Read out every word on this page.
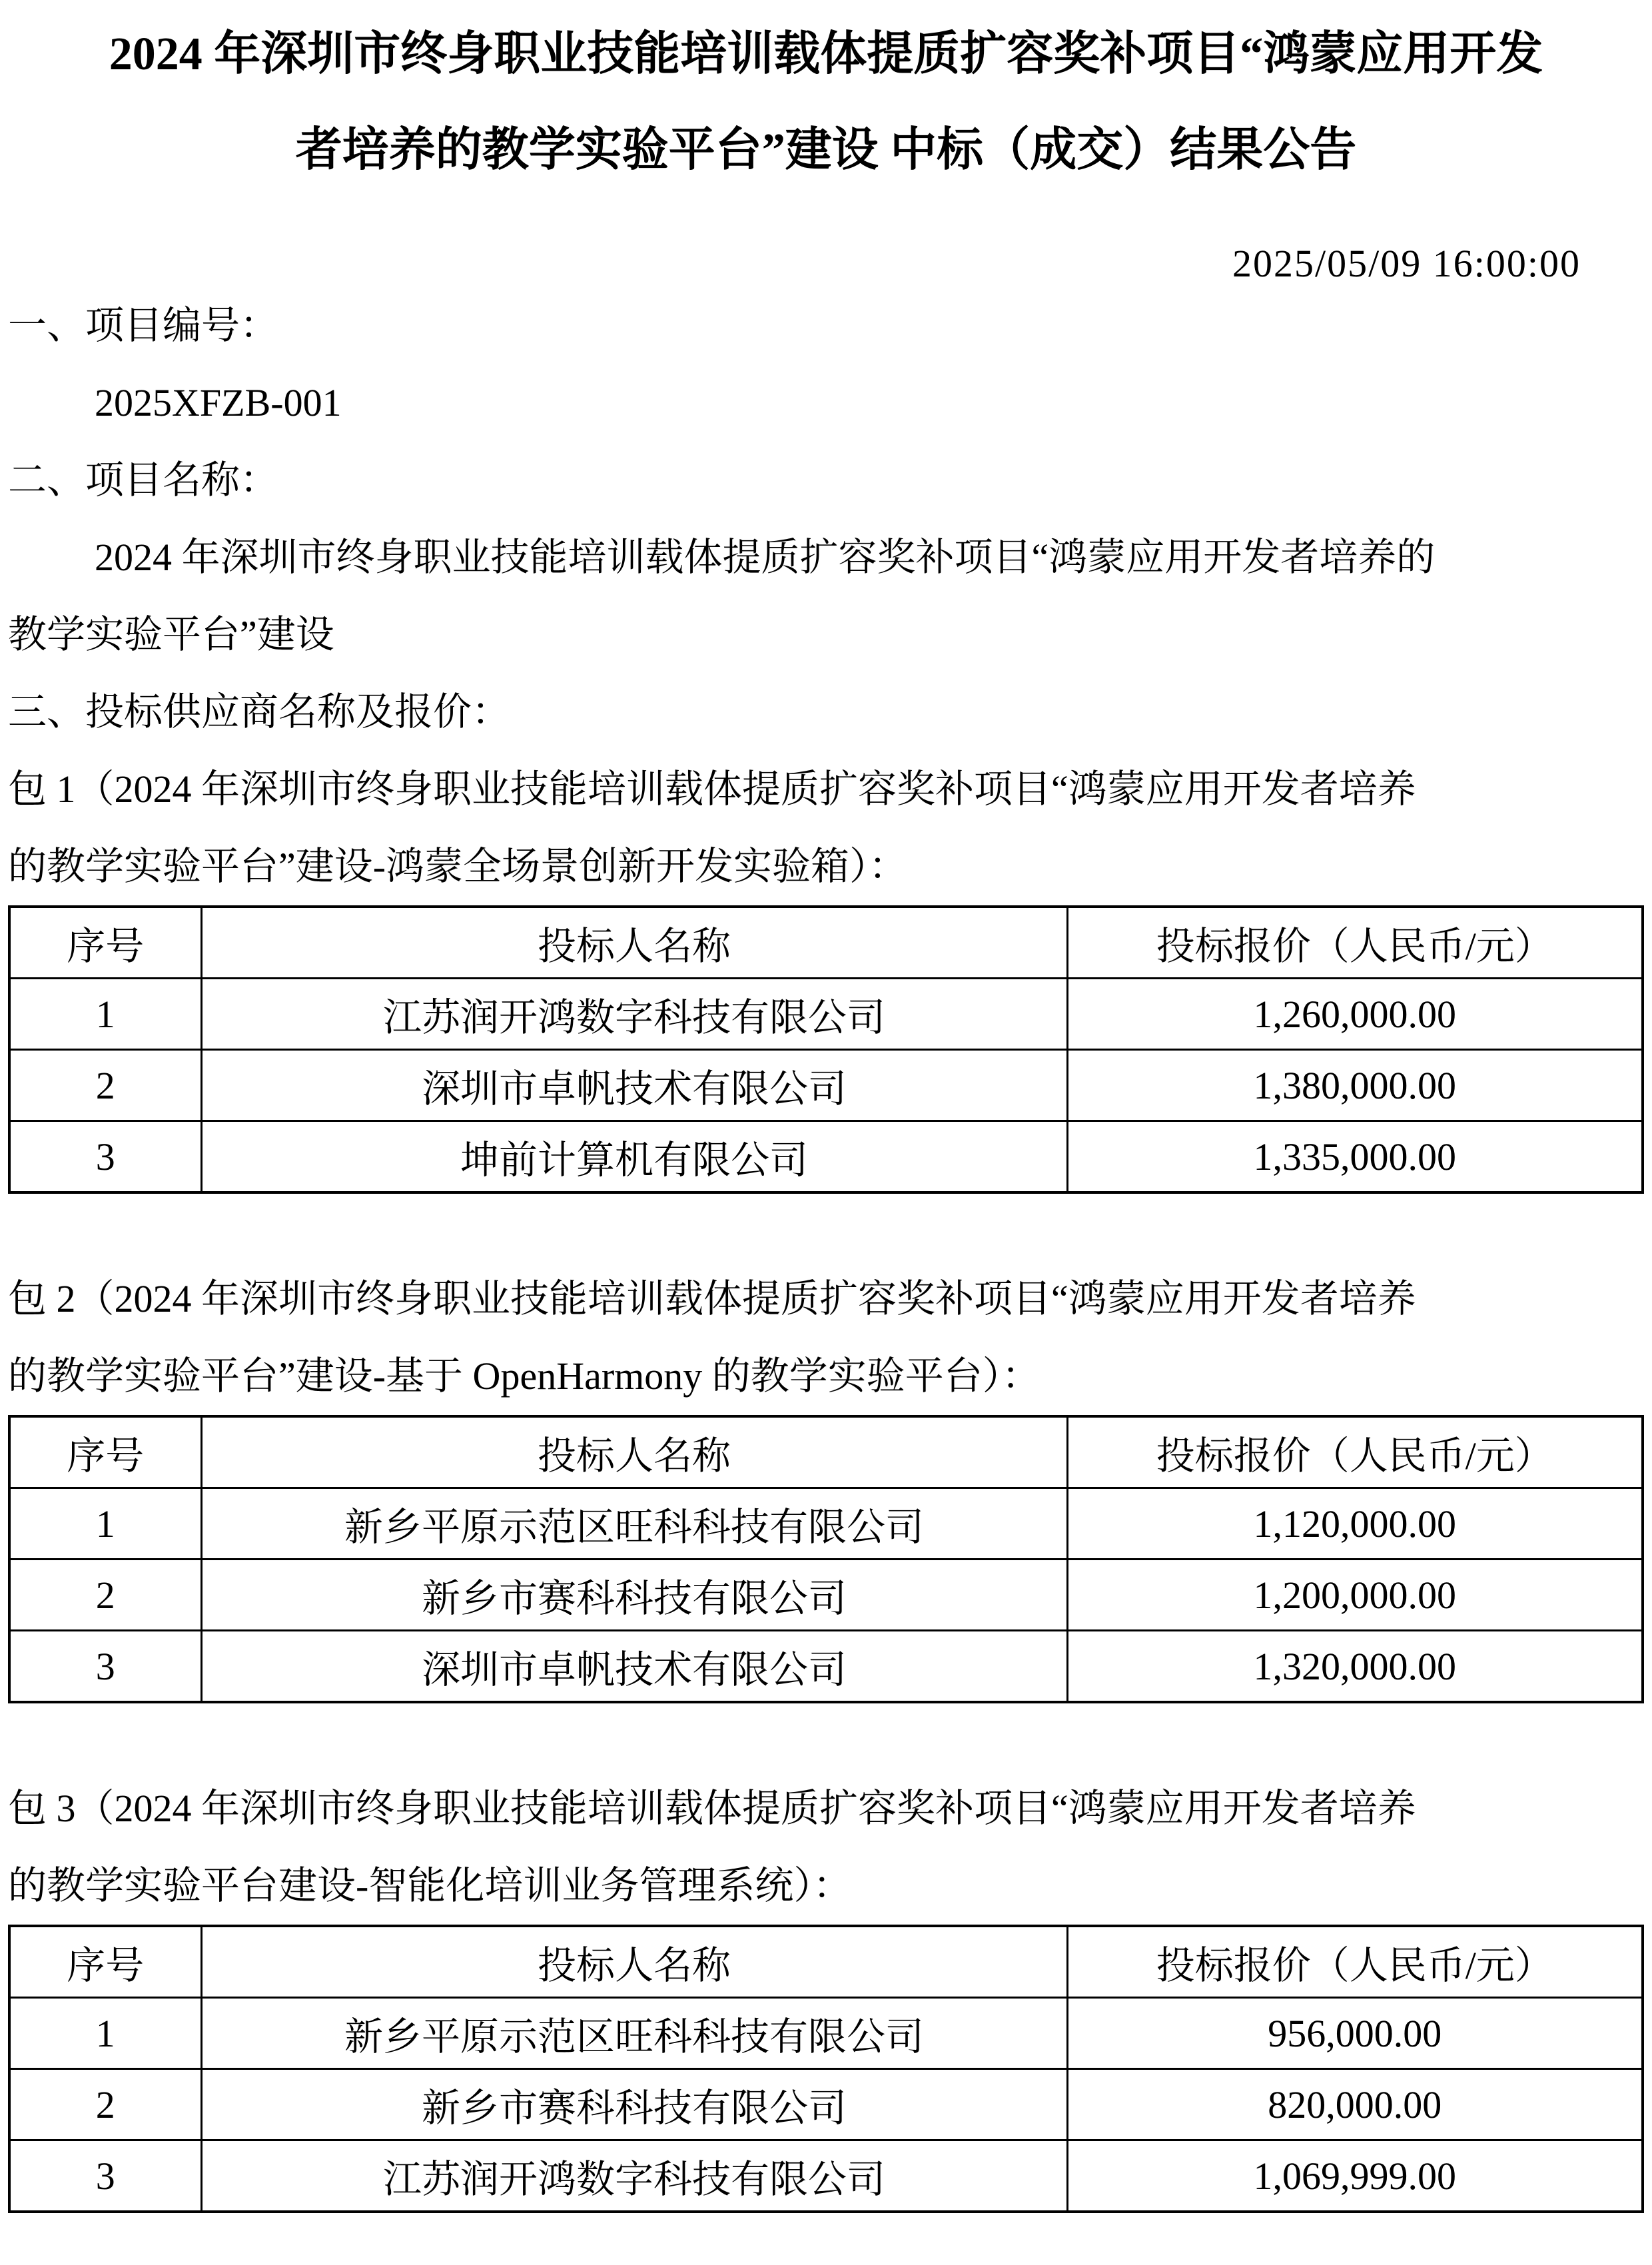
2024 年深圳市终身职业技能培训载体提质扩容奖补项目“鸿蒙应用开发
者培养的教学实验平台”建设 中标（成交）结果公告
2025/05/09 16:00:00
一、项目编号：
2025XFZB-001
二、项目名称：
2024 年深圳市终身职业技能培训载体提质扩容奖补项目“鸿蒙应用开发者培养的
教学实验平台”建设
三、投标供应商名称及报价：
包 1（2024 年深圳市终身职业技能培训载体提质扩容奖补项目“鸿蒙应用开发者培养
的教学实验平台”建设-鸿蒙全场景创新开发实验箱）：
序号	投标人名称	投标报价（人民币/元）
1	江苏润开鸿数字科技有限公司	1,260,000.00
2	深圳市卓帆技术有限公司	1,380,000.00
3	坤前计算机有限公司	1,335,000.00
包 2（2024 年深圳市终身职业技能培训载体提质扩容奖补项目“鸿蒙应用开发者培养
的教学实验平台”建设-基于 OpenHarmony 的教学实验平台）：
序号	投标人名称	投标报价（人民币/元）
1	新乡平原示范区旺科科技有限公司	1,120,000.00
2	新乡市赛科科技有限公司	1,200,000.00
3	深圳市卓帆技术有限公司	1,320,000.00
包 3（2024 年深圳市终身职业技能培训载体提质扩容奖补项目“鸿蒙应用开发者培养
的教学实验平台建设-智能化培训业务管理系统）：
序号	投标人名称	投标报价（人民币/元）
1	新乡平原示范区旺科科技有限公司	956,000.00
2	新乡市赛科科技有限公司	820,000.00
3	江苏润开鸿数字科技有限公司	1,069,999.00
